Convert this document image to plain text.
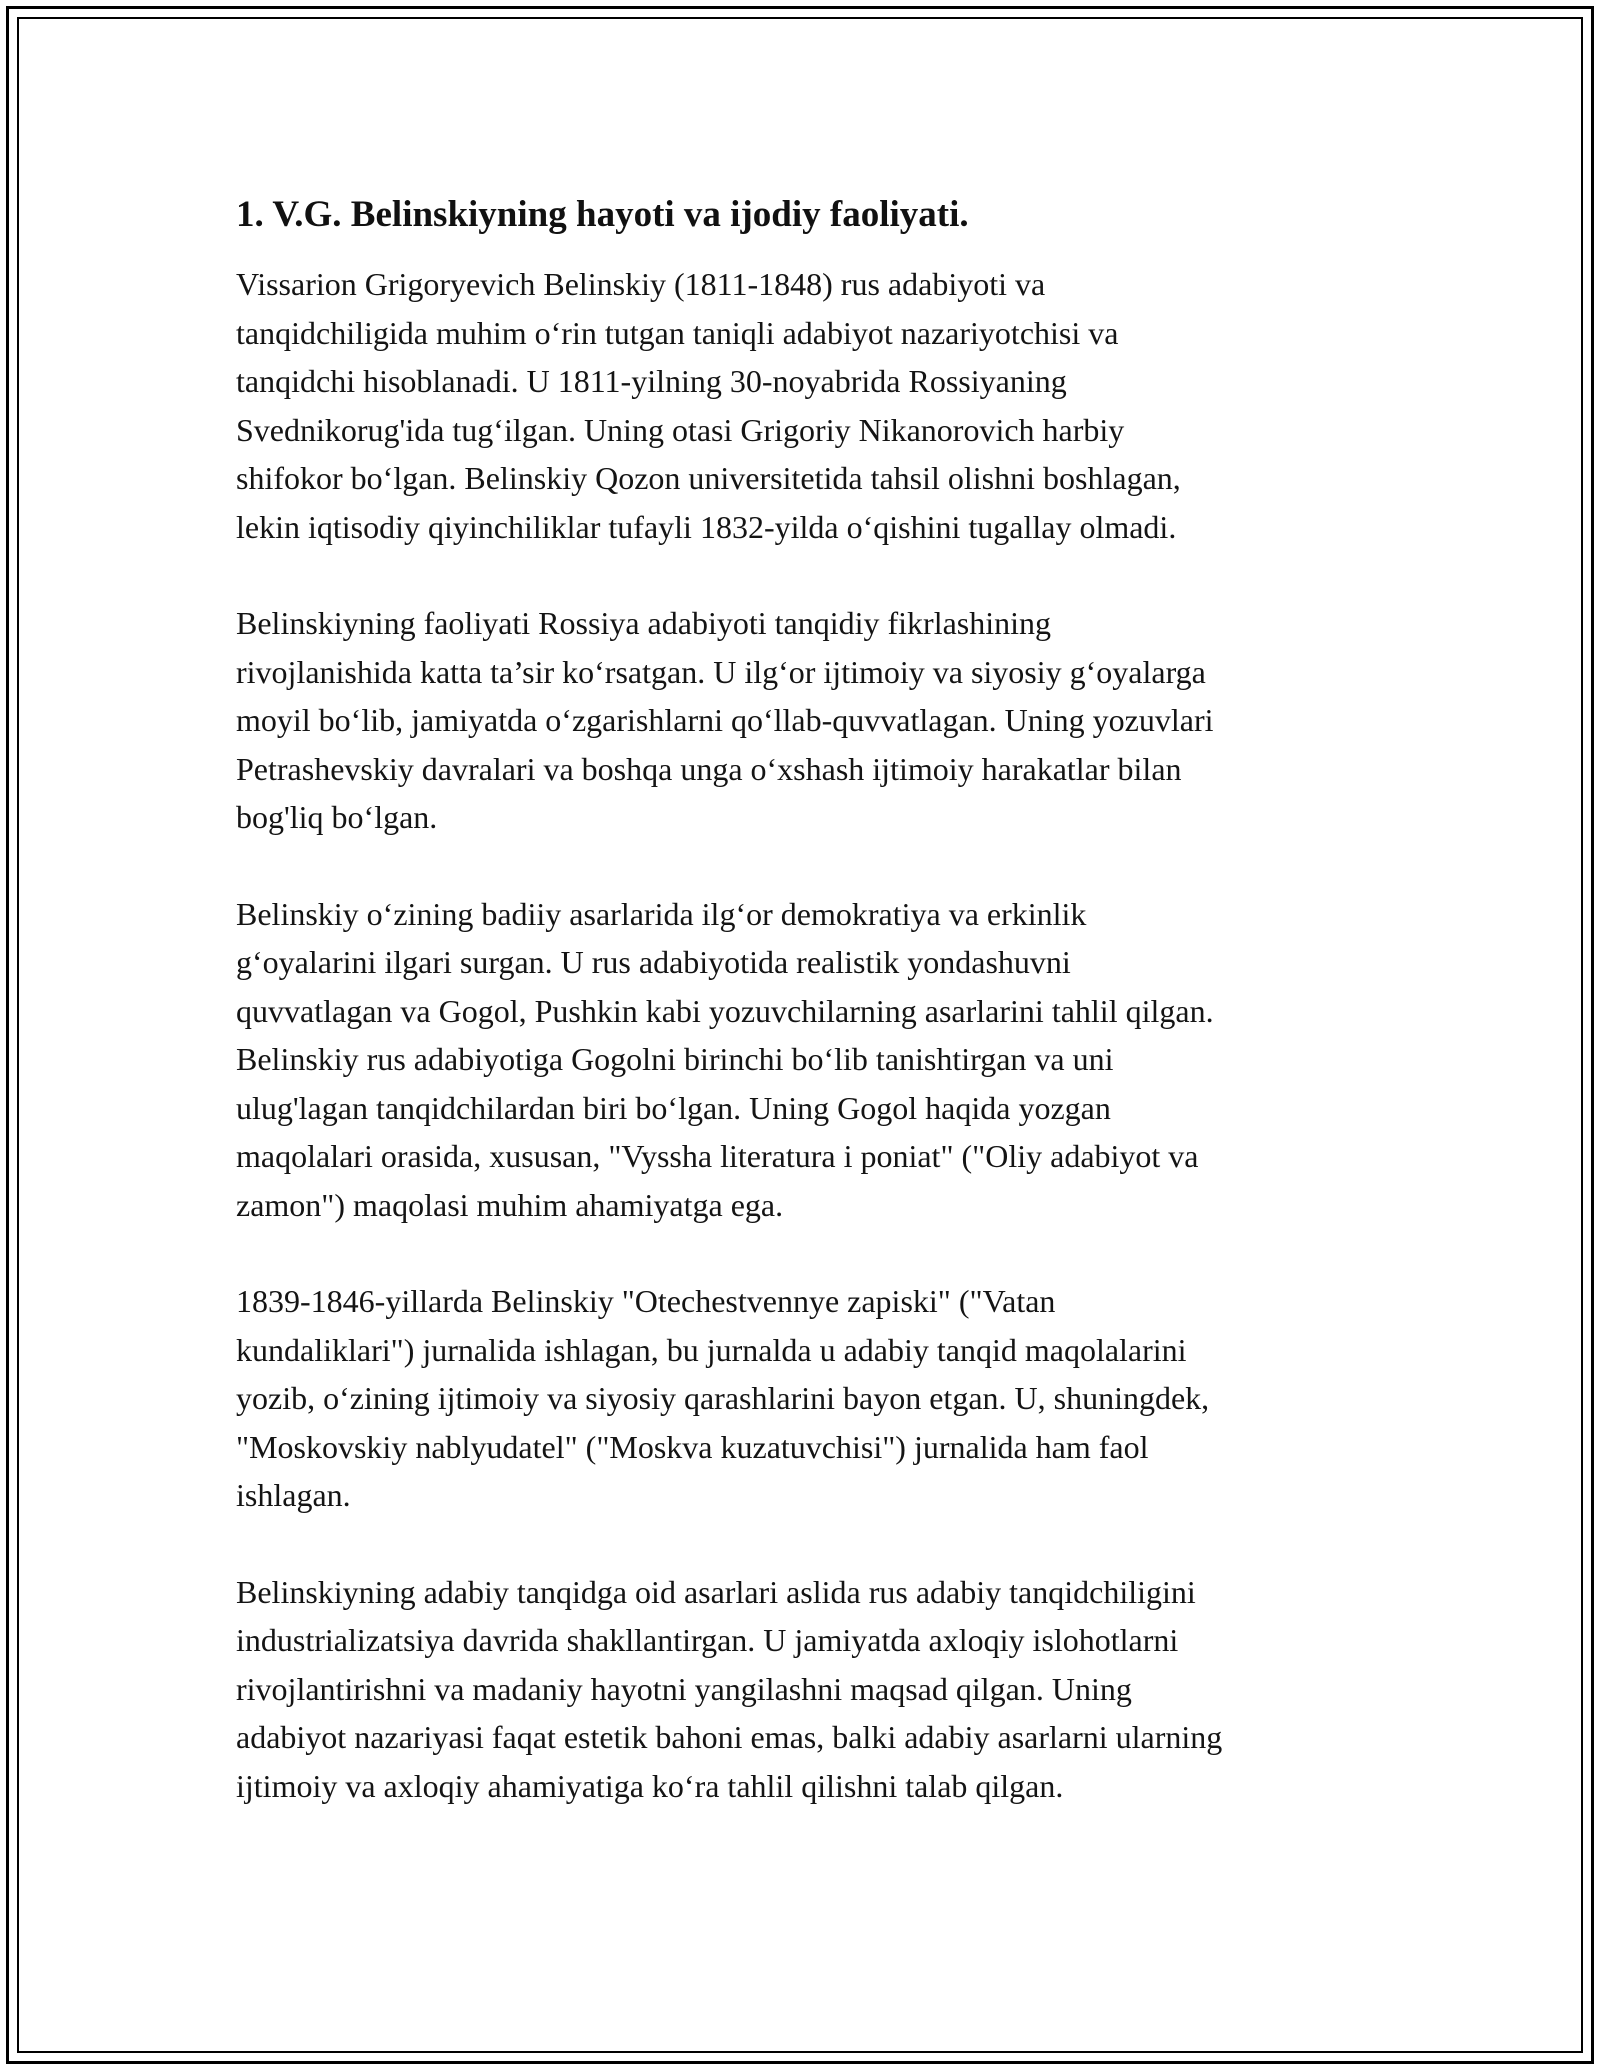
1. V.G. Belinskiyning hayoti va ijodiy faoliyati.
Vissarion Grigoryevich Belinskiy (1811-1848) rus adabiyoti va
tanqidchiligida muhim o‘rin tutgan taniqli adabiyot nazariyotchisi va
tanqidchi hisoblanadi. U 1811-yilning 30-noyabrida Rossiyaning
Svednikorug'ida tug‘ilgan. Uning otasi Grigoriy Nikanorovich harbiy
shifokor bo‘lgan. Belinskiy Qozon universitetida tahsil olishni boshlagan,
lekin iqtisodiy qiyinchiliklar tufayli 1832-yilda o‘qishini tugallay olmadi.
Belinskiyning faoliyati Rossiya adabiyoti tanqidiy fikrlashining
rivojlanishida katta ta’sir ko‘rsatgan. U ilg‘or ijtimoiy va siyosiy g‘oyalarga
moyil bo‘lib, jamiyatda o‘zgarishlarni qo‘llab-quvvatlagan. Uning yozuvlari
Petrashevskiy davralari va boshqa unga o‘xshash ijtimoiy harakatlar bilan
bog'liq bo‘lgan.
Belinskiy o‘zining badiiy asarlarida ilg‘or demokratiya va erkinlik
g‘oyalarini ilgari surgan. U rus adabiyotida realistik yondashuvni
quvvatlagan va Gogol, Pushkin kabi yozuvchilarning asarlarini tahlil qilgan.
Belinskiy rus adabiyotiga Gogolni birinchi bo‘lib tanishtirgan va uni
ulug'lagan tanqidchilardan biri bo‘lgan. Uning Gogol haqida yozgan
maqolalari orasida, xususan, "Vyssha literatura i poniat" ("Oliy adabiyot va
zamon") maqolasi muhim ahamiyatga ega.
1839-1846-yillarda Belinskiy "Otechestvennye zapiski" ("Vatan
kundaliklari") jurnalida ishlagan, bu jurnalda u adabiy tanqid maqolalarini
yozib, o‘zining ijtimoiy va siyosiy qarashlarini bayon etgan. U, shuningdek,
"Moskovskiy nablyudatel" ("Moskva kuzatuvchisi") jurnalida ham faol
ishlagan.
Belinskiyning adabiy tanqidga oid asarlari aslida rus adabiy tanqidchiligini
industrializatsiya davrida shakllantirgan. U jamiyatda axloqiy islohotlarni
rivojlantirishni va madaniy hayotni yangilashni maqsad qilgan. Uning
adabiyot nazariyasi faqat estetik bahoni emas, balki adabiy asarlarni ularning
ijtimoiy va axloqiy ahamiyatiga ko‘ra tahlil qilishni talab qilgan.
